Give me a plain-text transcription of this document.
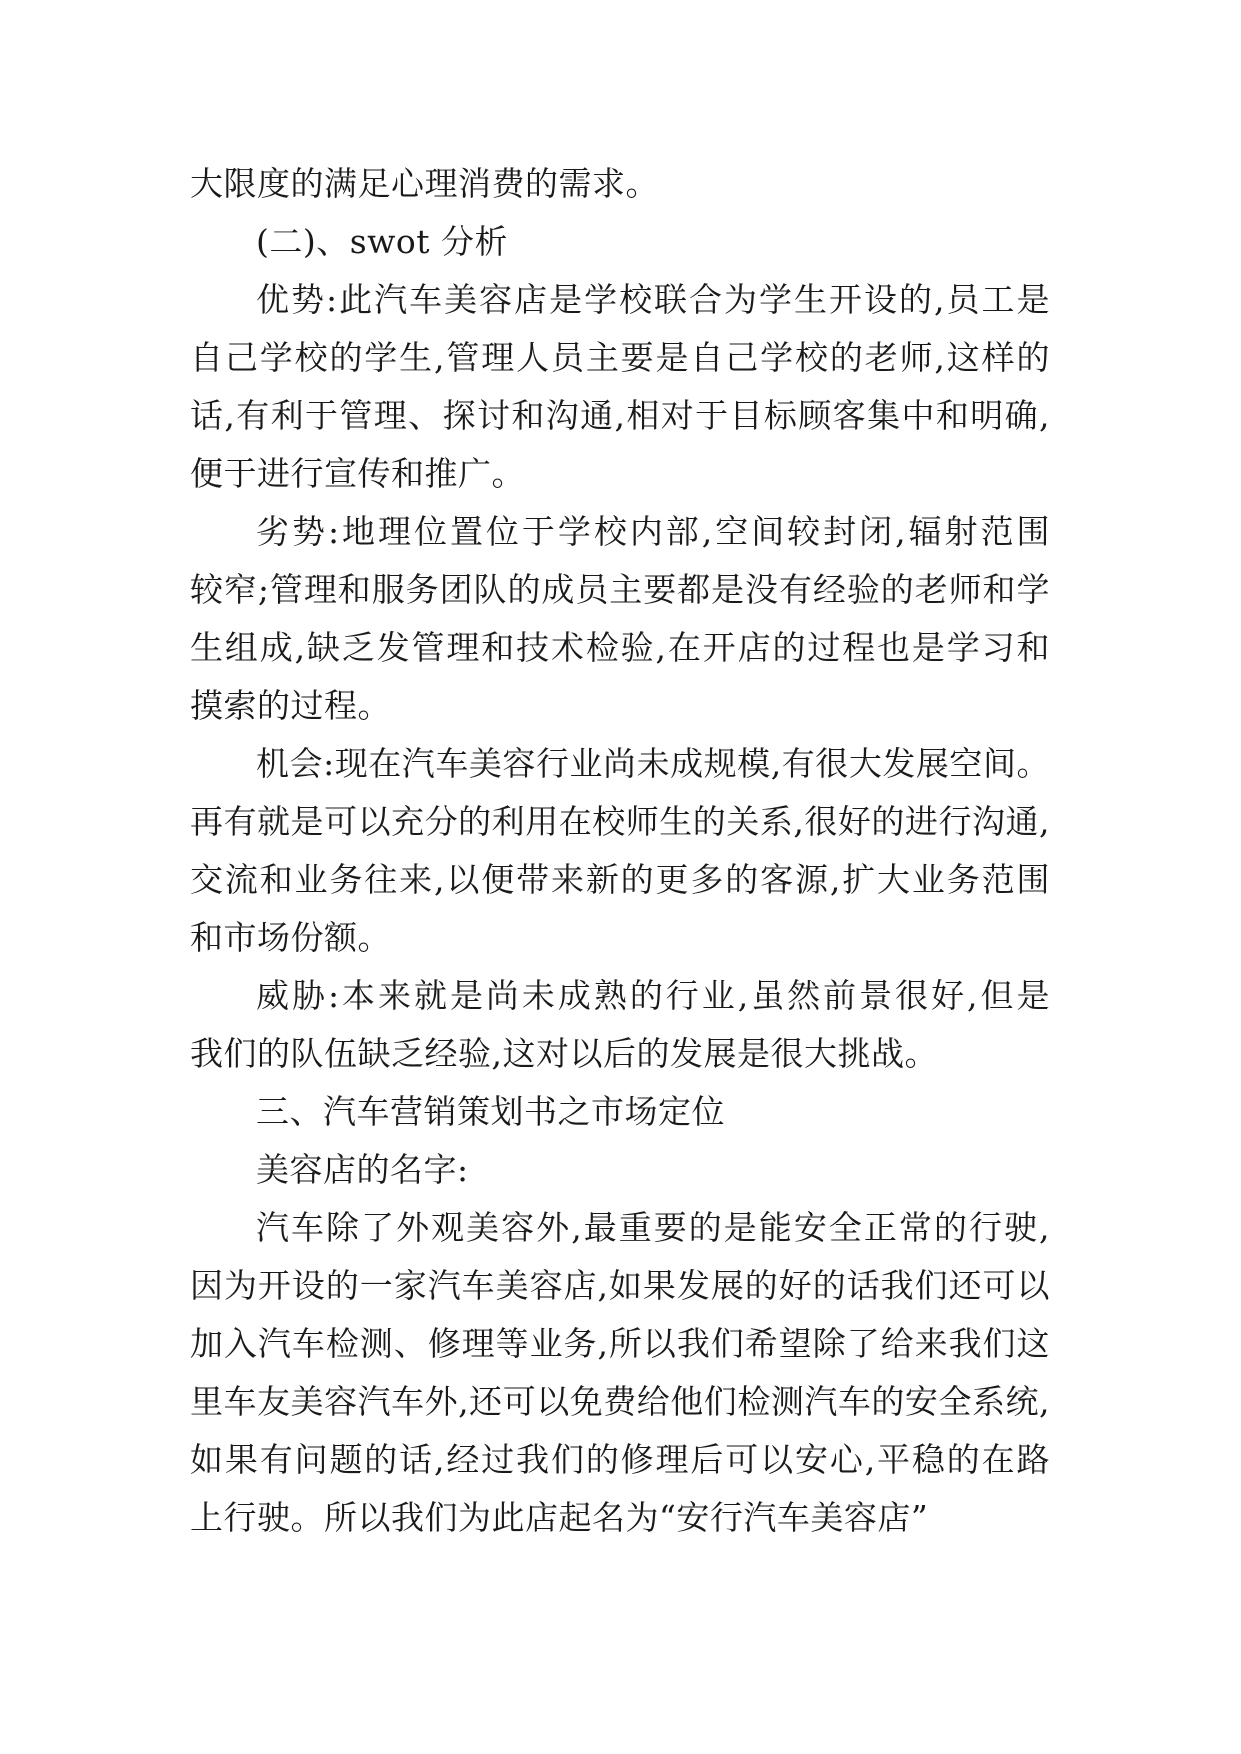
大限度的满足心理消费的需求。
(二)、swot 分析
优势:此汽车美容店是学校联合为学生开设的,员工是
自己学校的学生,管理人员主要是自己学校的老师,这样的
话,有利于管理、探讨和沟通,相对于目标顾客集中和明确,
便于进行宣传和推广。
劣势:地理位置位于学校内部,空间较封闭,辐射范围
较窄;管理和服务团队的成员主要都是没有经验的老师和学
生组成,缺乏发管理和技术检验,在开店的过程也是学习和
摸索的过程。
机会:现在汽车美容行业尚未成规模,有很大发展空间。
再有就是可以充分的利用在校师生的关系,很好的进行沟通,
交流和业务往来,以便带来新的更多的客源,扩大业务范围
和市场份额。
威胁:本来就是尚未成熟的行业,虽然前景很好,但是
我们的队伍缺乏经验,这对以后的发展是很大挑战。
三、汽车营销策划书之市场定位
美容店的名字:
汽车除了外观美容外,最重要的是能安全正常的行驶,
因为开设的一家汽车美容店,如果发展的好的话我们还可以
加入汽车检测、修理等业务,所以我们希望除了给来我们这
里车友美容汽车外,还可以免费给他们检测汽车的安全系统,
如果有问题的话,经过我们的修理后可以安心,平稳的在路
上行驶。所以我们为此店起名为“安行汽车美容店”
